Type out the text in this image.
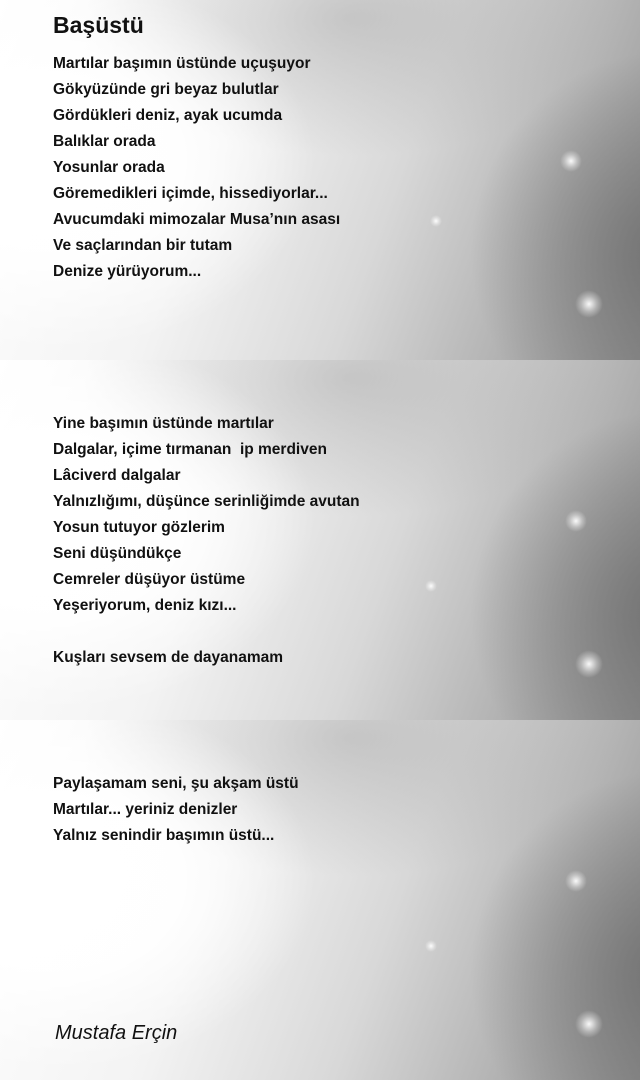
Başüstü
Martılar başımın üstünde uçuşuyor
Gökyüzünde gri beyaz bulutlar
Gördükleri deniz, ayak ucumda
Balıklar orada
Yosunlar orada
Göremedikleri içimde, hissediyorlar...
Avucumdaki mimozalar Musa’nın asası
Ve saçlarından bir tutam
Denize yürüyorum...
Yine başımın üstünde martılar
Dalgalar, içime tırmanan  ip merdiven
Lâciverd dalgalar
Yalnızlığımı, düşünce serinliğimde avutan
Yosun tutuyor gözlerim
Seni düşündükçe
Cemreler düşüyor üstüme
Yeşeriyorum, deniz kızı...
Kuşları sevsem de dayanamam
Paylaşamam seni, şu akşam üstü
Martılar... yeriniz denizler
Yalnız senindir başımın üstü...
Mustafa Erçin
